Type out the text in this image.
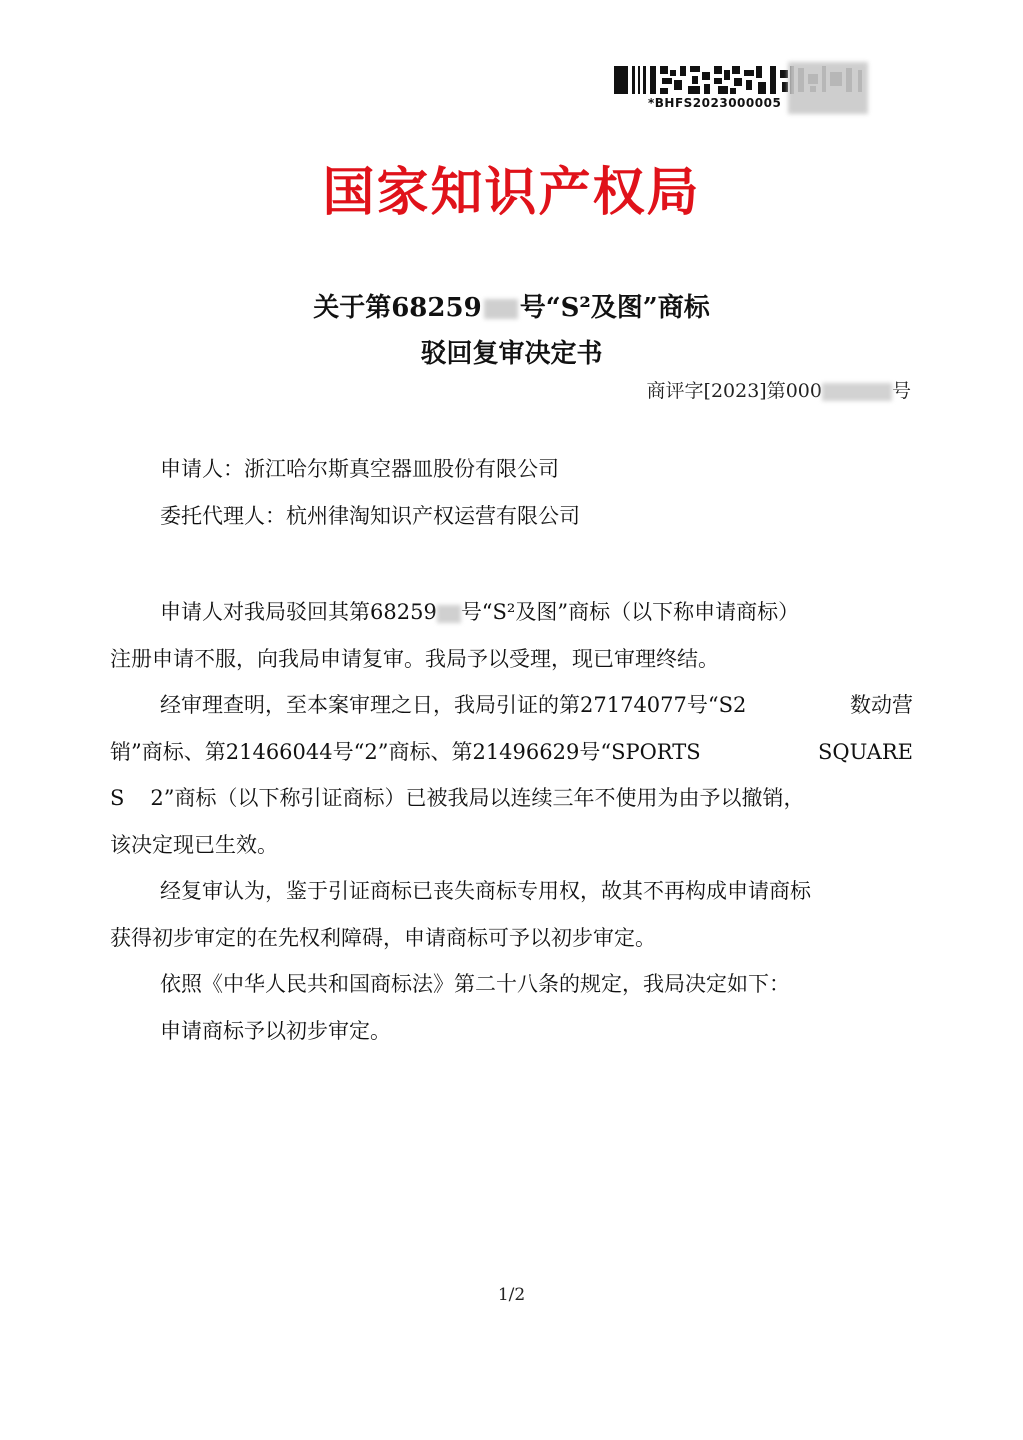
*BHFS2023000005
国家知识产权局
关于第68259 号“S²及图”商标
驳回复审决定书
商评字[2023]第000	号
申请人：浙江哈尔斯真空器皿股份有限公司
委托代理人：杭州律淘知识产权运营有限公司
申请人对我局驳回其第68259 号“S²及图”商标（以下称申请商标）
注册申请不服，向我局申请复审。我局予以受理，现已审理终结。
经审理查明，至本案审理之日，我局引证的第27174077号“S2	数动营
销”商标、第21466044号“2”商标、第21496629号“SPORTS	SQUARE
S 2”商标（以下称引证商标）已被我局以连续三年不使用为由予以撤销，
该决定现已生效。
经复审认为，鉴于引证商标已丧失商标专用权，故其不再构成申请商标
获得初步审定的在先权利障碍，申请商标可予以初步审定。
依照《中华人民共和国商标法》第二十八条的规定，我局决定如下：
申请商标予以初步审定。
1/2
